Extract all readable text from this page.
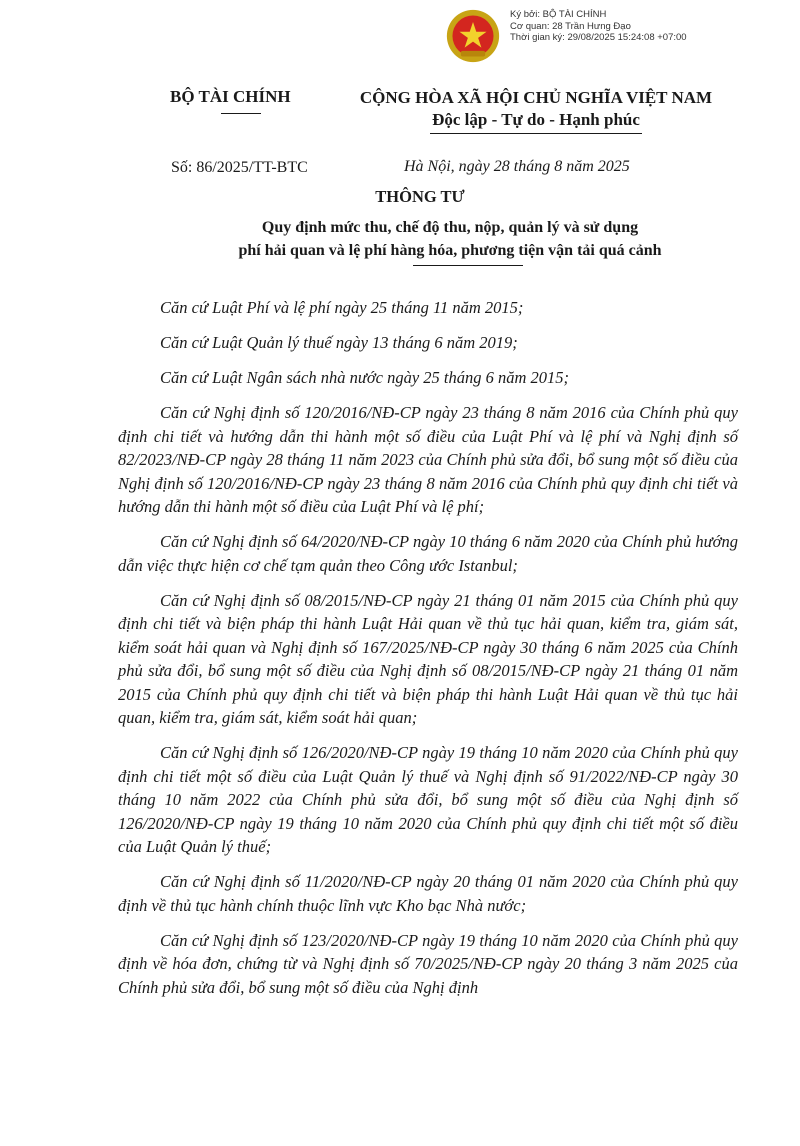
Ký bởi: BỘ TÀI CHÍNH
Cơ quan: 28 Trần Hưng Đạo
Thời gian ký: 29/08/2025 15:24:08 +07:00
BỘ TÀI CHÍNH	CỘNG HÒA XÃ HỘI CHỦ NGHĨA VIỆT NAM
Độc lập - Tự do - Hạnh phúc
Số: 86/2025/TT-BTC	Hà Nội, ngày 28 tháng 8 năm 2025
THÔNG TƯ
Quy định mức thu, chế độ thu, nộp, quản lý và sử dụng
phí hải quan và lệ phí hàng hóa, phương tiện vận tải quá cảnh

Căn cứ Luật Phí và lệ phí ngày 25 tháng 11 năm 2015;

Căn cứ Luật Quản lý thuế ngày 13 tháng 6 năm 2019;

Căn cứ Luật Ngân sách nhà nước ngày 25 tháng 6 năm 2015;

Căn cứ Nghị định số 120/2016/NĐ-CP ngày 23 tháng 8 năm 2016 của Chính phủ quy định chi tiết và hướng dẫn thi hành một số điều của Luật Phí và lệ phí và Nghị định số 82/2023/NĐ-CP ngày 28 tháng 11 năm 2023 của Chính phủ sửa đổi, bổ sung một số điều của Nghị định số 120/2016/NĐ-CP ngày 23 tháng 8 năm 2016 của Chính phủ quy định chi tiết và hướng dẫn thi hành một số điều của Luật Phí và lệ phí;

Căn cứ Nghị định số 64/2020/NĐ-CP ngày 10 tháng 6 năm 2020 của Chính phủ hướng dẫn việc thực hiện cơ chế tạm quản theo Công ước Istanbul;

Căn cứ Nghị định số 08/2015/NĐ-CP ngày 21 tháng 01 năm 2015 của Chính phủ quy định chi tiết và biện pháp thi hành Luật Hải quan về thủ tục hải quan, kiểm tra, giám sát, kiểm soát hải quan và Nghị định số 167/2025/NĐ-CP ngày 30 tháng 6 năm 2025 của Chính phủ sửa đổi, bổ sung một số điều của Nghị định số 08/2015/NĐ-CP ngày 21 tháng 01 năm 2015 của Chính phủ quy định chi tiết và biện pháp thi hành Luật Hải quan về thủ tục hải quan, kiểm tra, giám sát, kiểm soát hải quan;

Căn cứ Nghị định số 126/2020/NĐ-CP ngày 19 tháng 10 năm 2020 của Chính phủ quy định chi tiết một số điều của Luật Quản lý thuế và Nghị định số 91/2022/NĐ-CP ngày 30 tháng 10 năm 2022 của Chính phủ sửa đổi, bổ sung một số điều của Nghị định số 126/2020/NĐ-CP ngày 19 tháng 10 năm 2020 của Chính phủ quy định chi tiết một số điều của Luật Quản lý thuế;

Căn cứ Nghị định số 11/2020/NĐ-CP ngày 20 tháng 01 năm 2020 của Chính phủ quy định về thủ tục hành chính thuộc lĩnh vực Kho bạc Nhà nước;

Căn cứ Nghị định số 123/2020/NĐ-CP ngày 19 tháng 10 năm 2020 của Chính phủ quy định về hóa đơn, chứng từ và Nghị định số 70/2025/NĐ-CP ngày 20 tháng 3 năm 2025 của Chính phủ sửa đổi, bổ sung một số điều của Nghị định
